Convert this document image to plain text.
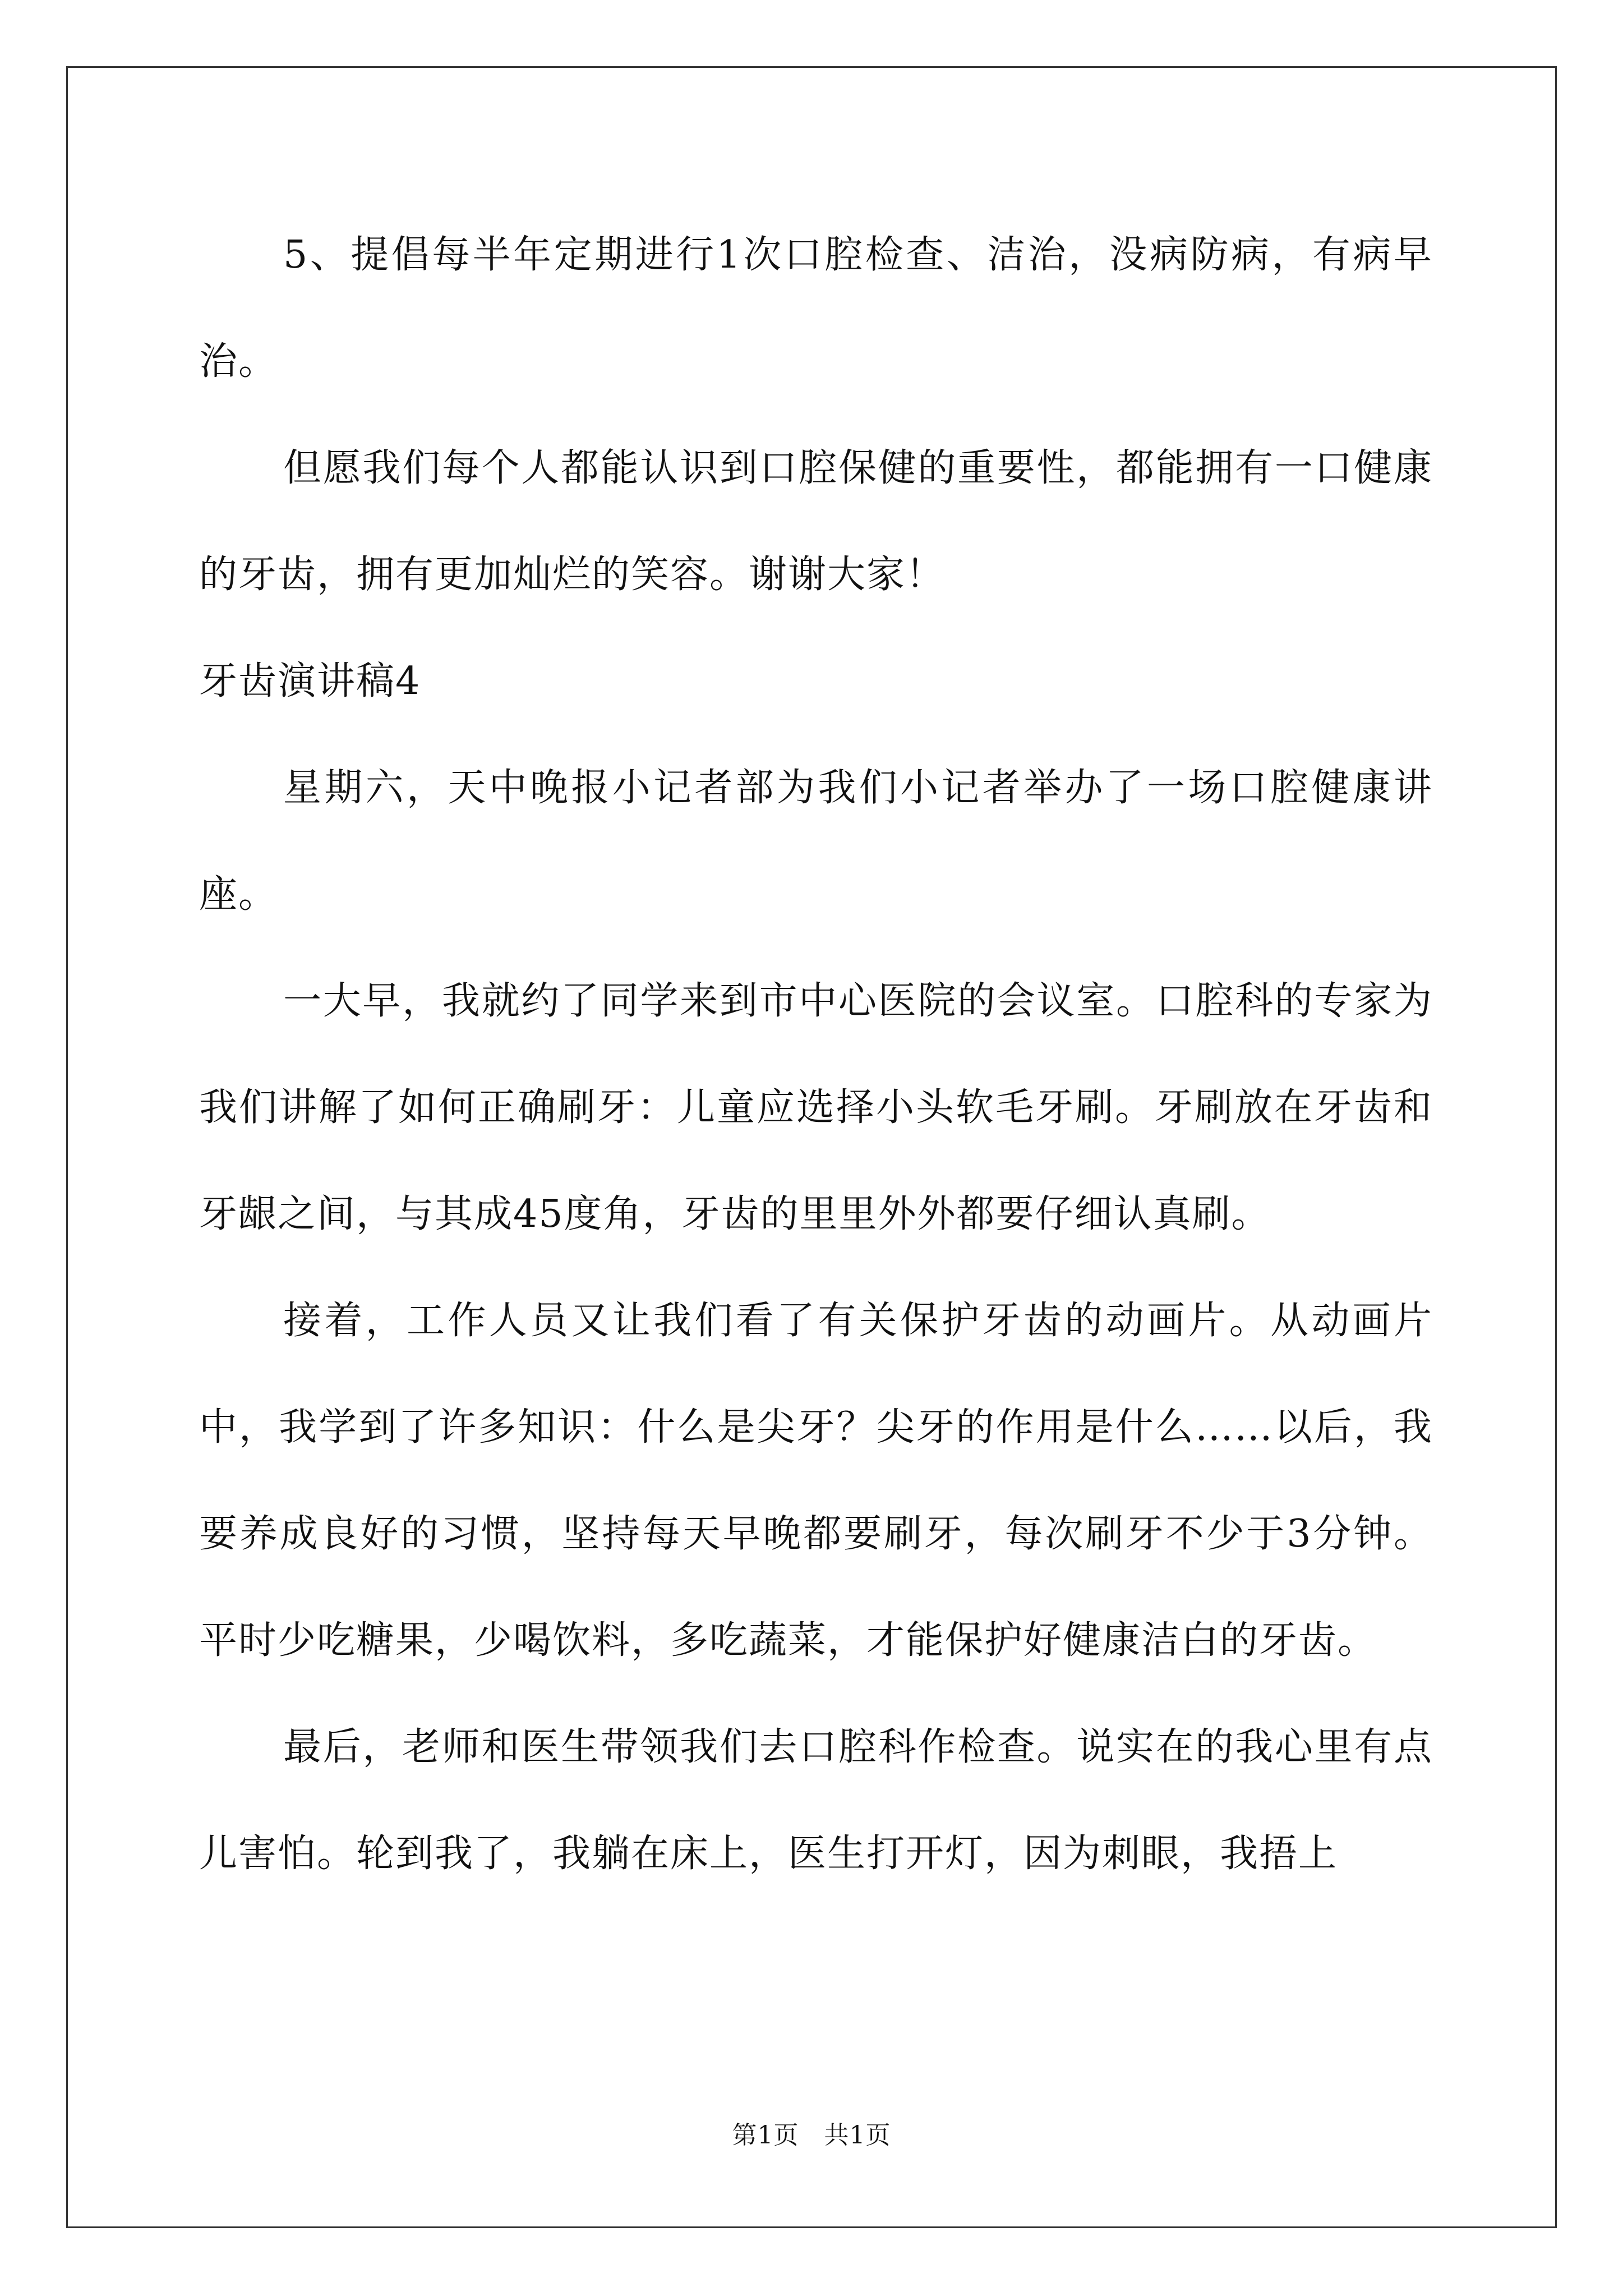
5、提倡每半年定期进行1次口腔检查、洁治，没病防病，有病早治。

但愿我们每个人都能认识到口腔保健的重要性，都能拥有一口健康的牙齿，拥有更加灿烂的笑容。谢谢大家！

牙齿演讲稿4

星期六，天中晚报小记者部为我们小记者举办了一场口腔健康讲座。

一大早，我就约了同学来到市中心医院的会议室。口腔科的专家为我们讲解了如何正确刷牙：儿童应选择小头软毛牙刷。牙刷放在牙齿和牙龈之间，与其成45度角，牙齿的里里外外都要仔细认真刷。

接着，工作人员又让我们看了有关保护牙齿的动画片。从动画片中，我学到了许多知识：什么是尖牙？尖牙的作用是什么……以后，我要养成良好的习惯，坚持每天早晚都要刷牙，每次刷牙不少于3分钟。平时少吃糖果，少喝饮料，多吃蔬菜，才能保护好健康洁白的牙齿。

最后，老师和医生带领我们去口腔科作检查。说实在的我心里有点儿害怕。轮到我了，我躺在床上，医生打开灯，因为刺眼，我捂上

第1页　共1页
